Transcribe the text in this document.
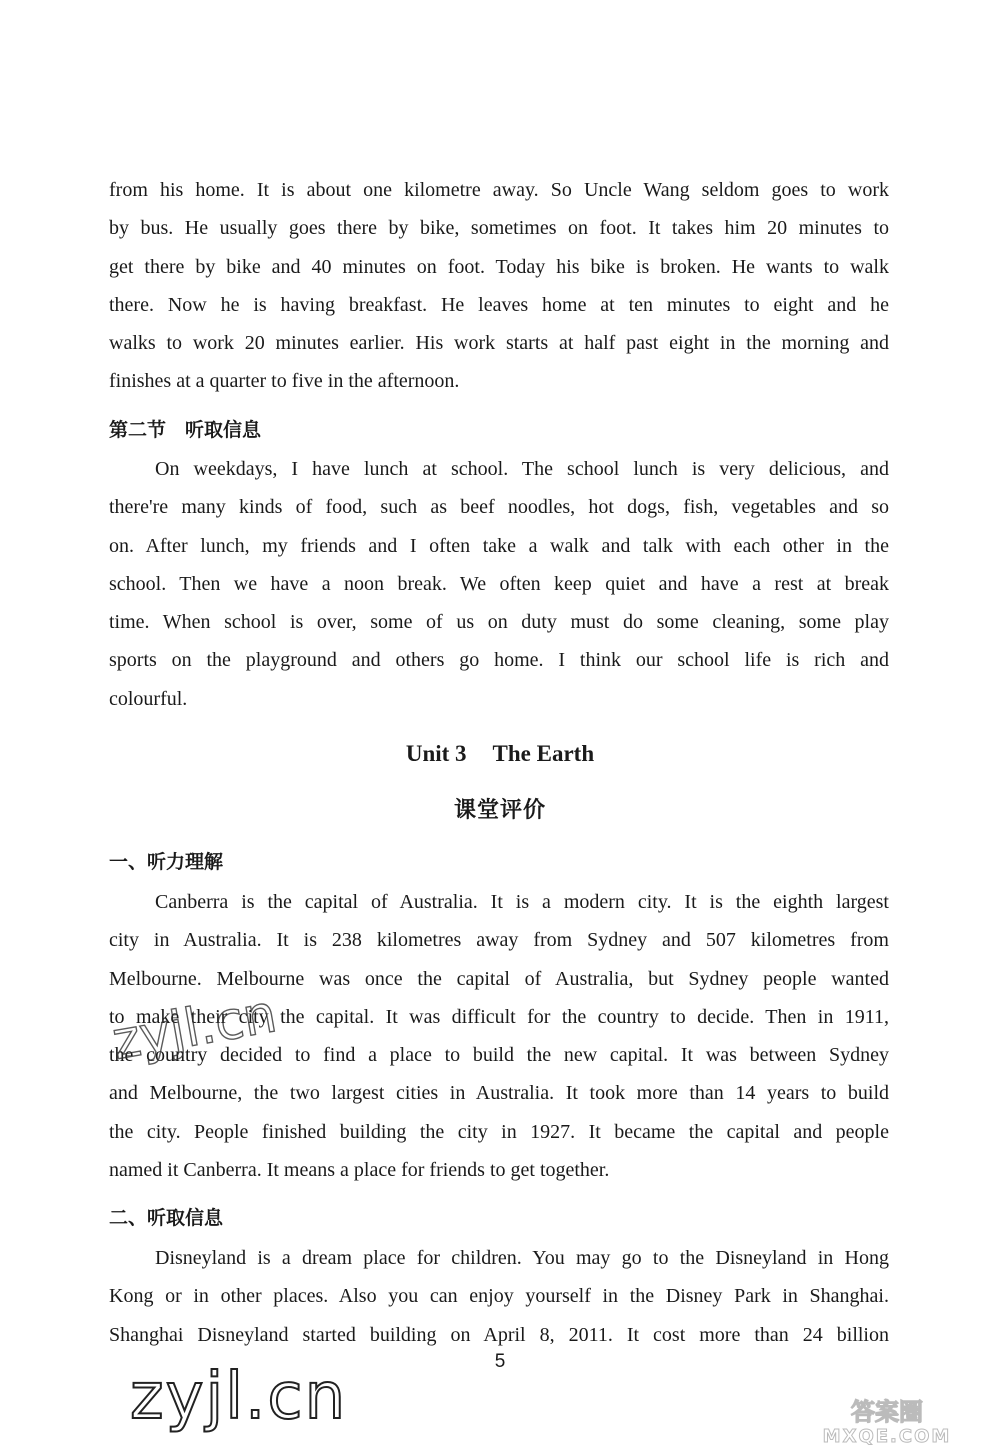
from his home. It is about one kilometre away. So Uncle Wang seldom goes to work
by bus. He usually goes there by bike, sometimes on foot. It takes him 20 minutes to
get there by bike and 40 minutes on foot. Today his bike is broken. He wants to walk
there. Now he is having breakfast. He leaves home at ten minutes to eight and he
walks to work 20 minutes earlier. His work starts at half past eight in the morning and
finishes at a quarter to five in the afternoon.
第二节　听取信息
On weekdays, I have lunch at school. The school lunch is very delicious, and
there're many kinds of food, such as beef noodles, hot dogs, fish, vegetables and so
on. After lunch, my friends and I often take a walk and talk with each other in the
school. Then we have a noon break. We often keep quiet and have a rest at break
time. When school is over, some of us on duty must do some cleaning, some play
sports on the playground and others go home. I think our school life is rich and
colourful.
Unit 3 The Earth
课堂评价
一、听力理解
Canberra is the capital of Australia. It is a modern city. It is the eighth largest
city in Australia. It is 238 kilometres away from Sydney and 507 kilometres from
Melbourne. Melbourne was once the capital of Australia, but Sydney people wanted
to make their city the capital. It was difficult for the country to decide. Then in 1911,
the country decided to find a place to build the new capital. It was between Sydney
and Melbourne, the two largest cities in Australia. It took more than 14 years to build
the city. People finished building the city in 1927. It became the capital and people
named it Canberra. It means a place for friends to get together.
二、听取信息
Disneyland is a dream place for children. You may go to the Disneyland in Hong
Kong or in other places. Also you can enjoy yourself in the Disney Park in Shanghai.
Shanghai Disneyland started building on April 8, 2011. It cost more than 24 billion
zyjl.cn
zyjl.cn	5
答案圈
MXQE.COM
